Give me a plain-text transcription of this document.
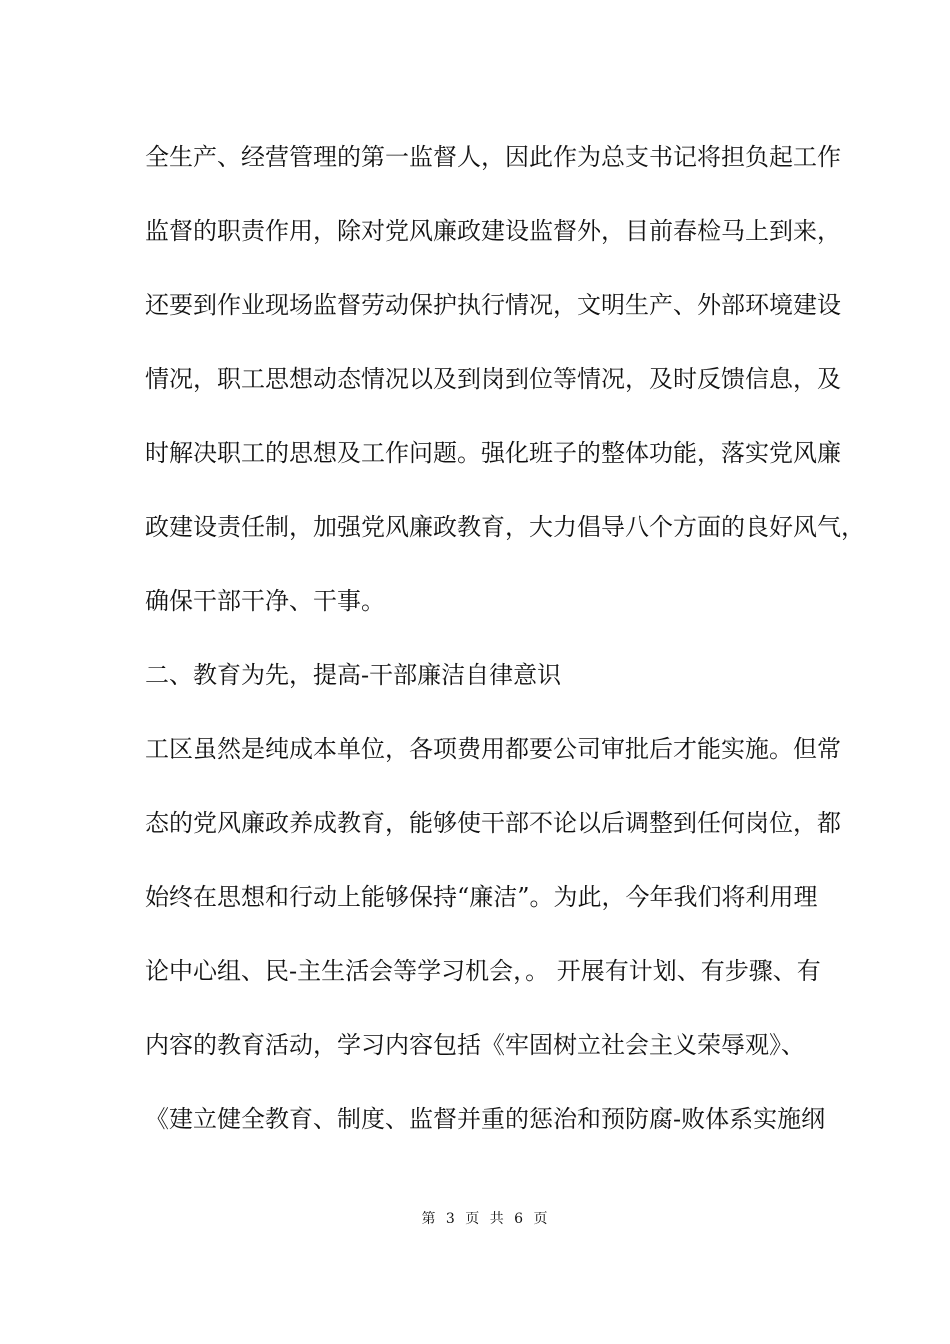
全生产、经营管理的第一监督人，因此作为总支书记将担负起工作
监督的职责作用，除对党风廉政建设监督外，目前春检马上到来，
还要到作业现场监督劳动保护执行情况，文明生产、外部环境建设
情况，职工思想动态情况以及到岗到位等情况，及时反馈信息，及
时解决职工的思想及工作问题。强化班子的整体功能，落实党风廉
政建设责任制，加强党风廉政教育，大力倡导八个方面的良好风气，
确保干部干净、干事。
二、教育为先，提高-干部廉洁自律意识
工区虽然是纯成本单位，各项费用都要公司审批后才能实施。但常
态的党风廉政养成教育，能够使干部不论以后调整到任何岗位，都
始终在思想和行动上能够保持“廉洁”。为此，今年我们将利用理
论中心组、民-主生活会等学习机会，。 开展有计划、有步骤、有
内容的教育活动，学习内容包括《牢固树立社会主义荣辱观》、
《建立健全教育、制度、监督并重的惩治和预防腐-败体系实施纲
第 3 页 共 6 页
